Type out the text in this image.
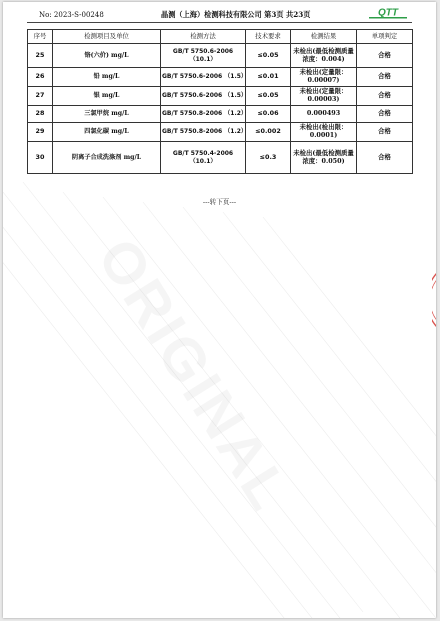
ORIGINAL
No: 2023-S-00248	晶测（上海）检测科技有限公司 第3页 共23页	QTT
序号	检测项目及单位	检测方法	技术要求	检测结果	单项判定
25	铬(六价) mg/L	GB/T 5750.6-2006 （10.1）	≤0.05	未检出(最低检测质量浓度：0.004)	合格
26	铅 mg/L	GB/T 5750.6-2006 （1.5）	≤0.01	未检出(定量限：0.00007)	合格
27	银 mg/L	GB/T 5750.6-2006 （1.5）	≤0.05	未检出(定量限：0.00003)	合格
28	三氯甲烷 mg/L	GB/T 5750.8-2006 （1.2）	≤0.06	0.000493	合格
29	四氯化碳 mg/L	GB/T 5750.8-2006 （1.2）	≤0.002	未检出(检出限：0.0001)	合格
30	阴离子合成洗涤剂 mg/L	GB/T 5750.4-2006 （10.1）	≤0.3	未检出(最低检测质量浓度：0.050)	合格
---转下页---
